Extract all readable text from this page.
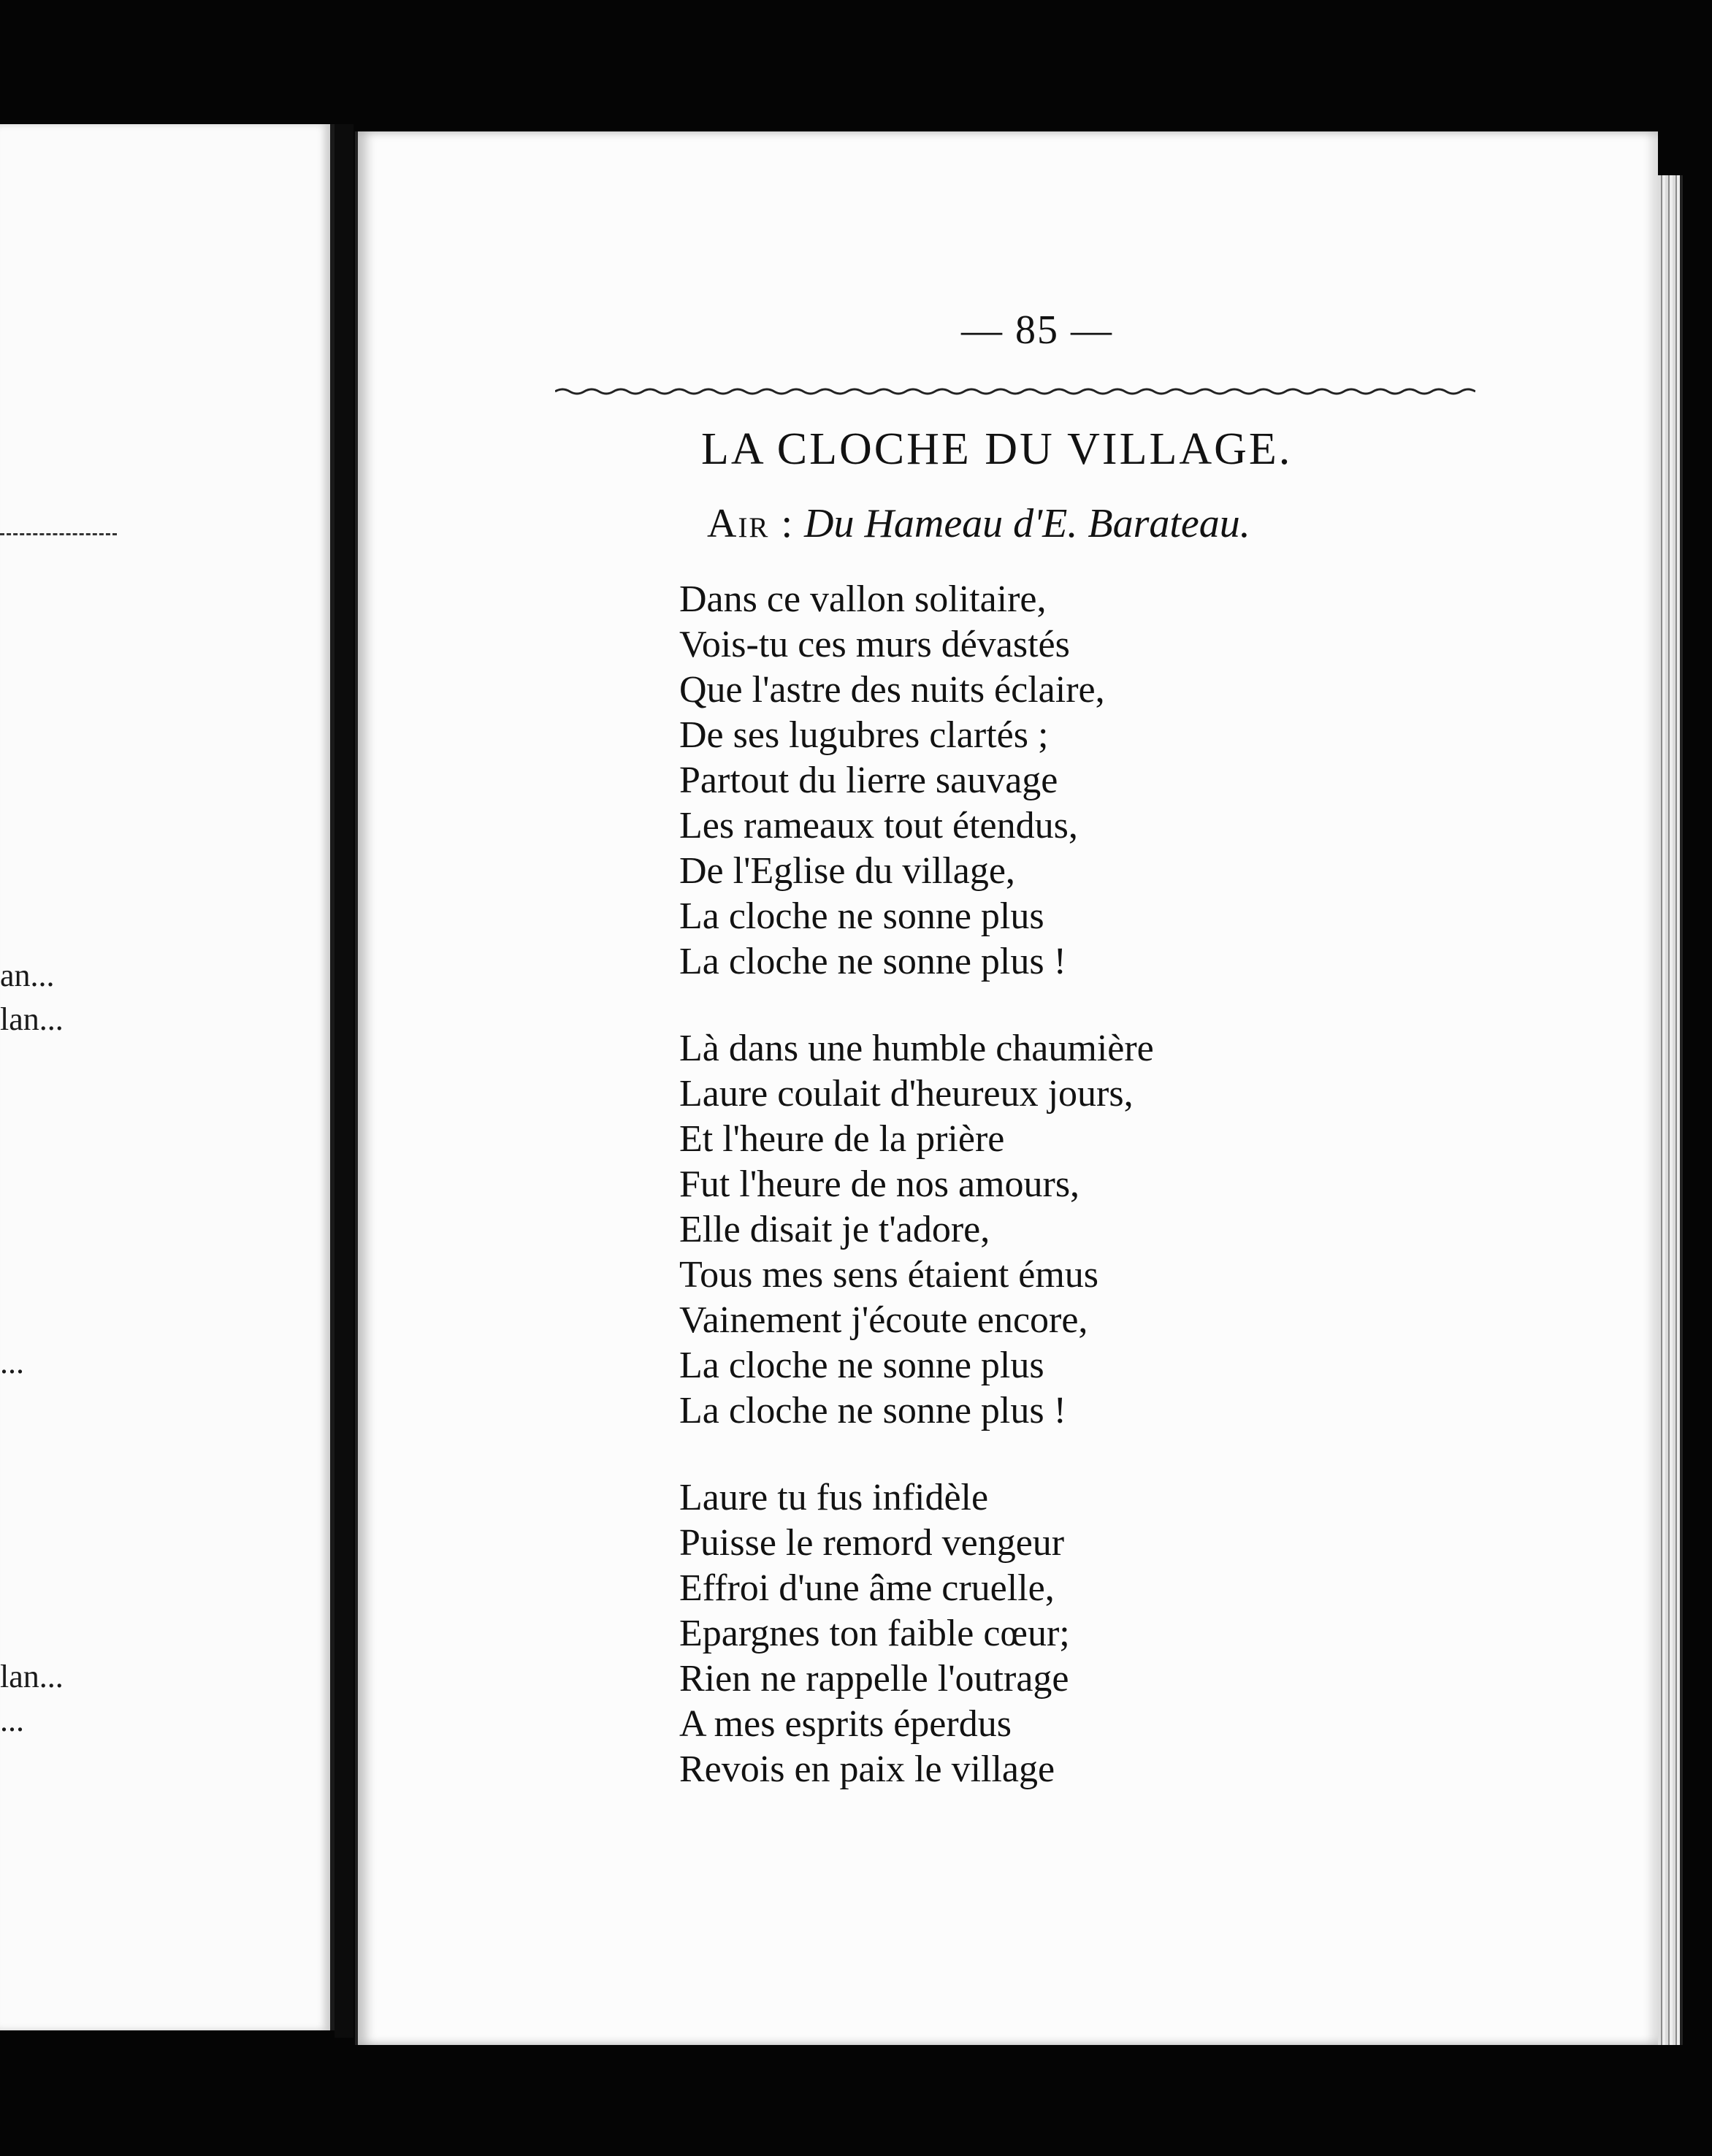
an...
lan...
...
lan...
...
— 85 —
LA CLOCHE DU VILLAGE.
Air : Du Hameau d'E. Barateau.
Dans ce vallon solitaire,
Vois-tu ces murs dévastés
Que l'astre des nuits éclaire,
De ses lugubres clartés ;
Partout du lierre sauvage
Les rameaux tout étendus,
De l'Eglise du village,
La cloche ne sonne plus
La cloche ne sonne plus !
Là dans une humble chaumière
Laure coulait d'heureux jours,
Et l'heure de la prière
Fut l'heure de nos amours,
Elle disait je t'adore,
Tous mes sens étaient émus
Vainement j'écoute encore,
La cloche ne sonne plus
La cloche ne sonne plus !
Laure tu fus infidèle
Puisse le remord vengeur
Effroi d'une âme cruelle,
Epargnes ton faible cœur;
Rien ne rappelle l'outrage
A mes esprits éperdus
Revois en paix le village
